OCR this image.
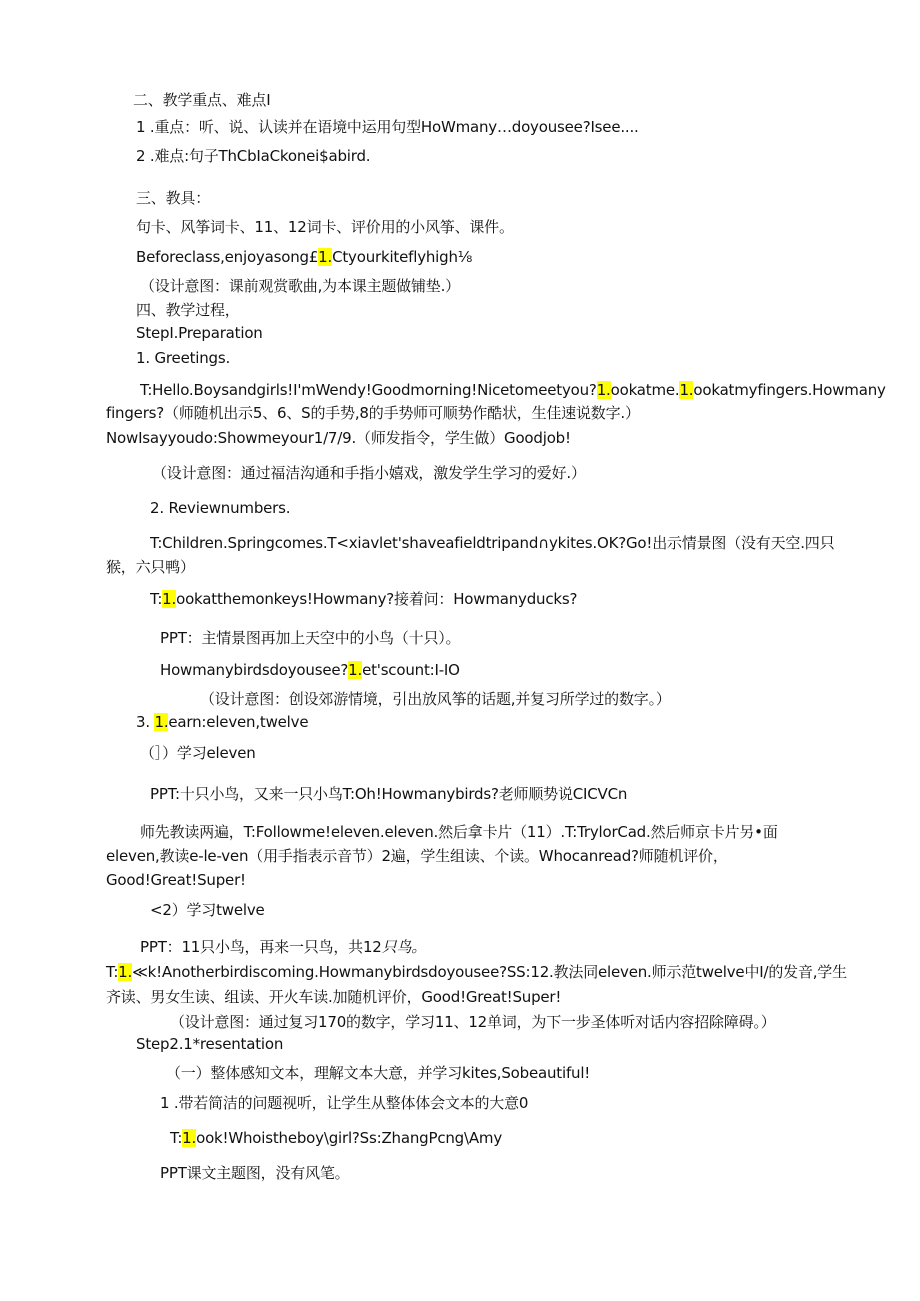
二、教学重点、难点I
1 .重点：听、说、认读并在语境中运用句型HoWmany…doyousee?Isee....
2 .难点:句子ThCbIaCkonei$abird.
三、教具：
句卡、风筝词卡、11、12词卡、评价用的小风筝、课件。
Beforeclass,enjoyasong£1.Ctyourkiteflyhigh⅛
（设计意图：课前观赏歌曲,为本课主题做铺垫.）
四、教学过程，
StepI.Preparation
1. Greetings.
T:Hello.Boysandgirls!I'mWendy!Goodmorning!Nicetomeetyou?1.ookatme.1.ookatmyfingers.Howmany
fingers?（师随机出示5、6、S的手势,8的手势师可顺势作酷状，生佳速说数字.）
NowIsayyoudo:Showmeyour1/7/9.（师发指令，学生做）Goodjob!
（设计意图：通过福洁沟通和手指小嬉戏，激发学生学习的爱好.）
2. Reviewnumbers.
T:Children.Springcomes.T<xiavlet'shaveafieldtripand∩ykites.OK?Go!出示情景图（没有天空.四只
猴，六只鸭）
T:1.ookatthemonkeys!Howmany?接着问：Howmanyducks?
PPT：主情景图再加上天空中的小鸟（十只）。
Howmanybirdsdoyousee?1.et'scount:I-IO
（设计意图：创设郊游情境，引出放风筝的话题,并复习所学过的数字。）
3. 1.earn:eleven,twelve
（］）学习eleven
PPT:十只小鸟，又来一只小鸟T:Oh!Howmanybirds?老师顺势说CICVCn
师先教读两遍，T:Followme!eleven.eleven.然后拿卡片（11）.T:TrylorCad.然后师京卡片另•面
eleven,教读e-le-ven（用手指表示音节）2遍，学生组读、个读。Whocanread?师随机评价，
Good!Great!Super!
<2）学习twelve
PPT：11只小鸟，再来一只鸟，共12只鸟。
T:1.≪k!Anotherbirdiscoming.Howmanybirdsdoyousee?SS:12.教法同eleven.师示范twelve中I/的发音,学生
齐读、男女生读、组读、开火车读.加随机评价，Good!Great!Super!
（设计意图：通过复习170的数字，学习11、12单词，为下一步圣体听对话内容招除障碍。）
Step2.1*resentation
（一）整体感知文本，理解文本大意，并学习kites,Sobeautiful!
1 .带若简洁的问题视听，让学生从整体体会文本的大意0
T:1.ook!Whoistheboy\girl?Ss:ZhangPcng\Amy
PPT课文主题图，没有风笔。
